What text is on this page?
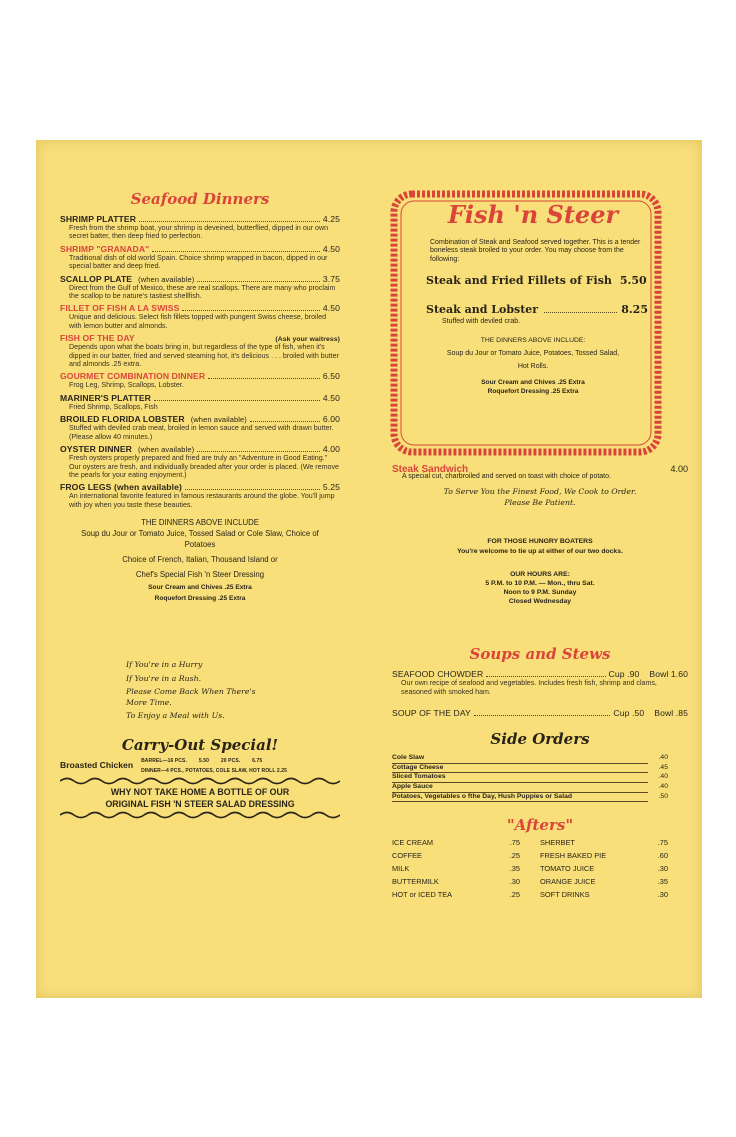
Seafood Dinners
SHRIMP PLATTER	4.25
Fresh from the shrimp boat, your shrimp is deveined, butterflied, dipped in our own secret batter, then deep fried to perfection.
SHRIMP "GRANADA"	4.50
Traditional dish of old world Spain. Choice shrimp wrapped in bacon, dipped in our special batter and deep fried.
SCALLOP PLATE (when available)	3.75
Direct from the Gulf of Mexico, these are real scallops. There are many who proclaim the scallop to be nature's tastiest shellfish.
FILLET OF FISH A LA SWISS	4.50
Unique and delicious. Select fish fillets topped with pungent Swiss cheese, broiled with lemon butter and almonds.
FISH OF THE DAY	(Ask your waitress)
Depends upon what the boats bring in, but regardless of the type of fish, when it's dipped in our batter, fried and served steaming hot, it's delicious . . . broiled with butter and almonds .25 extra.
GOURMET COMBINATION DINNER	6.50
Frog Leg, Shrimp, Scallops, Lobster.
MARINER'S PLATTER	4.50
Fried Shrimp, Scallops, Fish
BROILED FLORIDA LOBSTER (when available)	6.00
Stuffed with deviled crab meat, broiled in lemon sauce and served with drawn butter. (Please allow 40 minutes.)
OYSTER DINNER (when available)	4.00
Fresh oysters properly prepared and fried are truly an "Adventure in Good Eating." Our oysters are fresh, and individually breaded after your order is placed. (We remove the pearls for your eating enjoyment.)
FROG LEGS (when available)	5.25
An international favorite featured in famous restaurants around the globe. You'll jump with joy when you taste these beauties.
THE DINNERS ABOVE INCLUDE
Soup du Jour or Tomato Juice, Tossed Salad or Cole Slaw, Choice of Potatoes
Choice of French, Italian, Thousand Island or
Chef's Special Fish 'n Steer Dressing
Sour Cream and Chives .25 Extra
Roquefort Dressing .25 Extra
If You're in a Hurry
If You're in a Rush.
Please Come Back When There's More Time.
To Enjoy a Meal with Us.
Carry-Out Special!
Broasted Chicken BARREL—16 PCS. 5.50 20 PCS. 6.75
DINNER—4 PCS., POTATOES, COLE SLAW, HOT ROLL 2.25
WHY NOT TAKE HOME A BOTTLE OF OUR
ORIGINAL FISH 'N STEER SALAD DRESSING
Fish 'n Steer
Combination of Steak and Seafood served together. This is a tender boneless steak broiled to your order. You may choose from the following:
Steak and Fried Fillets of Fish 5.50
Steak and Lobster	8.25
Stuffed with deviled crab.
THE DINNERS ABOVE INCLUDE:
Soup du Jour or Tomato Juice, Potatoes, Tossed Salad,
Hot Rolls.
Sour Cream and Chives .25 Extra
Roquefort Dressing .25 Extra
Steak Sandwich	4.00
A special cut, charbroiled and served on toast with choice of potato.
To Serve You the Finest Food, We Cook to Order.
Please Be Patient.
FOR THOSE HUNGRY BOATERS
You're welcome to tie up at either of our two docks.
OUR HOURS ARE:
5 P.M. to 10 P.M. — Mon., thru Sat.
Noon to 9 P.M. Sunday
Closed Wednesday
Soups and Stews
SEAFOOD CHOWDER	Cup .90 Bowl 1.60
Our own recipe of seafood and vegetables. Includes fresh fish, shrimp and clams, seasoned with smoked ham.
SOUP OF THE DAY	Cup .50 Bowl .85
Side Orders
Cole Slaw	.40
Cottage Cheese	.45
Sliced Tomatoes	.40
Apple Sauce	.40
Potatoes, Vegetables o fthe Day, Hush Puppies or Salad	.50
"Afters"
ICE CREAM	.75
COFFEE	.25
MILK	.35
BUTTERMILK	.30
HOT or ICED TEA	.25
SHERBET	.75
FRESH BAKED PIE	.60
TOMATO JUICE	.30
ORANGE JUICE	.35
SOFT DRINKS	.30
